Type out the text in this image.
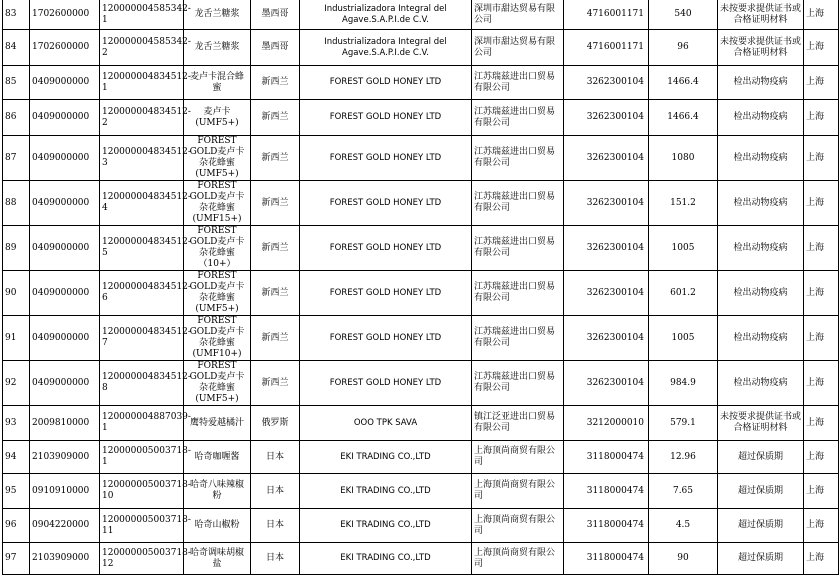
83	1702600000	120000004585342-1	龙舌兰糖浆	墨西哥	Industrializadora Integral del Agave.S.A.P.I.de C.V.	深圳市甜达贸易有限公司	4716001171	540	未按要求提供证书或合格证明材料	上海
84	1702600000	120000004585342-2	龙舌兰糖浆	墨西哥	Industrializadora Integral del Agave.S.A.P.I.de C.V.	深圳市甜达贸易有限公司	4716001171	96	未按要求提供证书或合格证明材料	上海
85	0409000000	120000004834512-1	麦卢卡混合蜂蜜	新西兰	FOREST GOLD HONEY LTD	江苏瑞兹进出口贸易有限公司	3262300104	1466.4	检出动物疫病	上海
86	0409000000	120000004834512-2	麦卢卡(UMF5+)	新西兰	FOREST GOLD HONEY LTD	江苏瑞兹进出口贸易有限公司	3262300104	1466.4	检出动物疫病	上海
87	0409000000	120000004834512-3	FOREST GOLD麦卢卡杂花蜂蜜(UMF5+)	新西兰	FOREST GOLD HONEY LTD	江苏瑞兹进出口贸易有限公司	3262300104	1080	检出动物疫病	上海
88	0409000000	120000004834512-4	FOREST GOLD麦卢卡杂花蜂蜜(UMF15+)	新西兰	FOREST GOLD HONEY LTD	江苏瑞兹进出口贸易有限公司	3262300104	151.2	检出动物疫病	上海
89	0409000000	120000004834512-5	FOREST GOLD麦卢卡杂花蜂蜜（10+）	新西兰	FOREST GOLD HONEY LTD	江苏瑞兹进出口贸易有限公司	3262300104	1005	检出动物疫病	上海
90	0409000000	120000004834512-6	FOREST GOLD麦卢卡杂花蜂蜜(UMF5+)	新西兰	FOREST GOLD HONEY LTD	江苏瑞兹进出口贸易有限公司	3262300104	601.2	检出动物疫病	上海
91	0409000000	120000004834512-7	FOREST GOLD麦卢卡杂花蜂蜜(UMF10+)	新西兰	FOREST GOLD HONEY LTD	江苏瑞兹进出口贸易有限公司	3262300104	1005	检出动物疫病	上海
92	0409000000	120000004834512-8	FOREST GOLD麦卢卡杂花蜂蜜(UMF5+)	新西兰	FOREST GOLD HONEY LTD	江苏瑞兹进出口贸易有限公司	3262300104	984.9	检出动物疫病	上海
93	2009810000	120000004887039-1	鹰特爱越橘汁	俄罗斯	OOO TPK SAVA	镇江泛亚进出口贸易有限公司	3212000010	579.1	未按要求提供证书或合格证明材料	上海
94	2103909000	120000005003718-1	哈奇咖喱酱	日本	EKI TRADING CO.,LTD	上海顶尚商贸有限公司	3118000474	12.96	超过保质期	上海
95	0910910000	120000005003718-10	哈奇八味辣椒粉	日本	EKI TRADING CO.,LTD	上海顶尚商贸有限公司	3118000474	7.65	超过保质期	上海
96	0904220000	120000005003718-11	哈奇山椒粉	日本	EKI TRADING CO.,LTD	上海顶尚商贸有限公司	3118000474	4.5	超过保质期	上海
97	2103909000	120000005003718-12	哈奇调味胡椒盐	日本	EKI TRADING CO.,LTD	上海顶尚商贸有限公司	3118000474	90	超过保质期	上海
